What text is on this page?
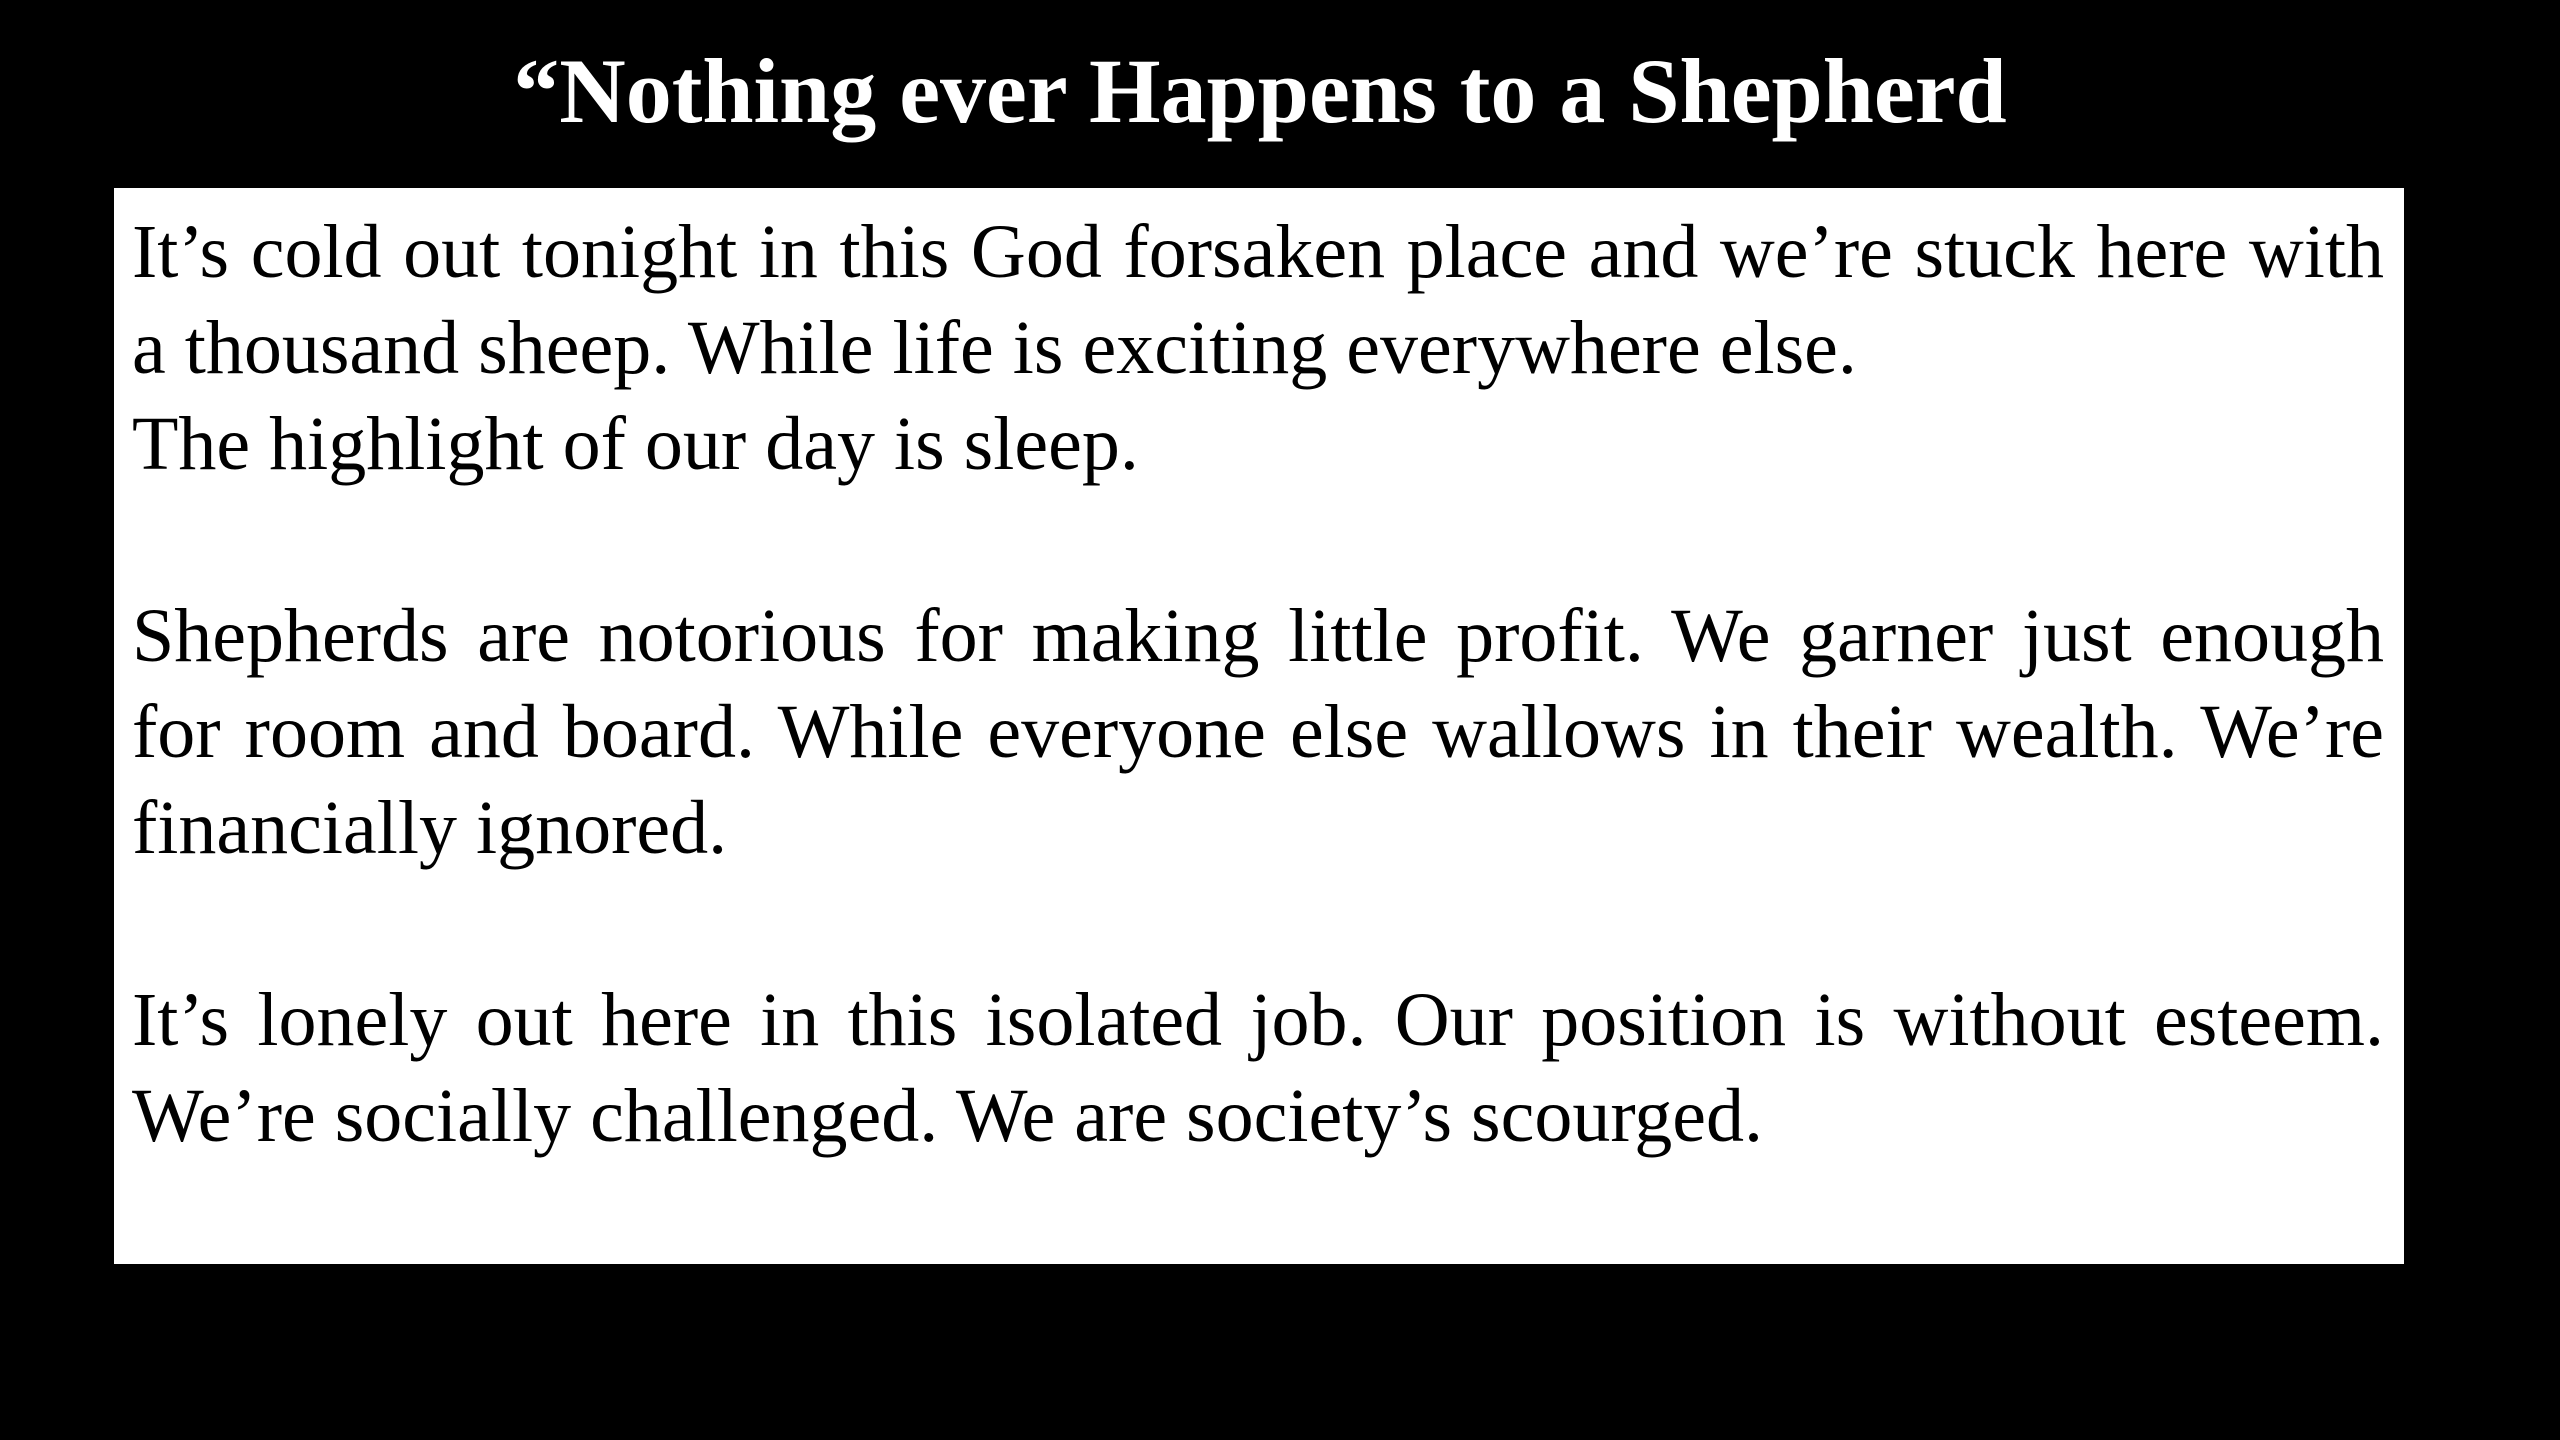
“Nothing ever Happens to a Shepherd

It’s cold out tonight in this God forsaken place and we’re stuck here with a thousand sheep. While life is exciting everywhere else.
The highlight of our day is sleep.

Shepherds are notorious for making little profit. We garner just enough for room and board. While everyone else wallows in their wealth. We’re financially ignored.

It’s lonely out here in this isolated job. Our position is without esteem. We’re socially challenged. We are society’s scourged.
